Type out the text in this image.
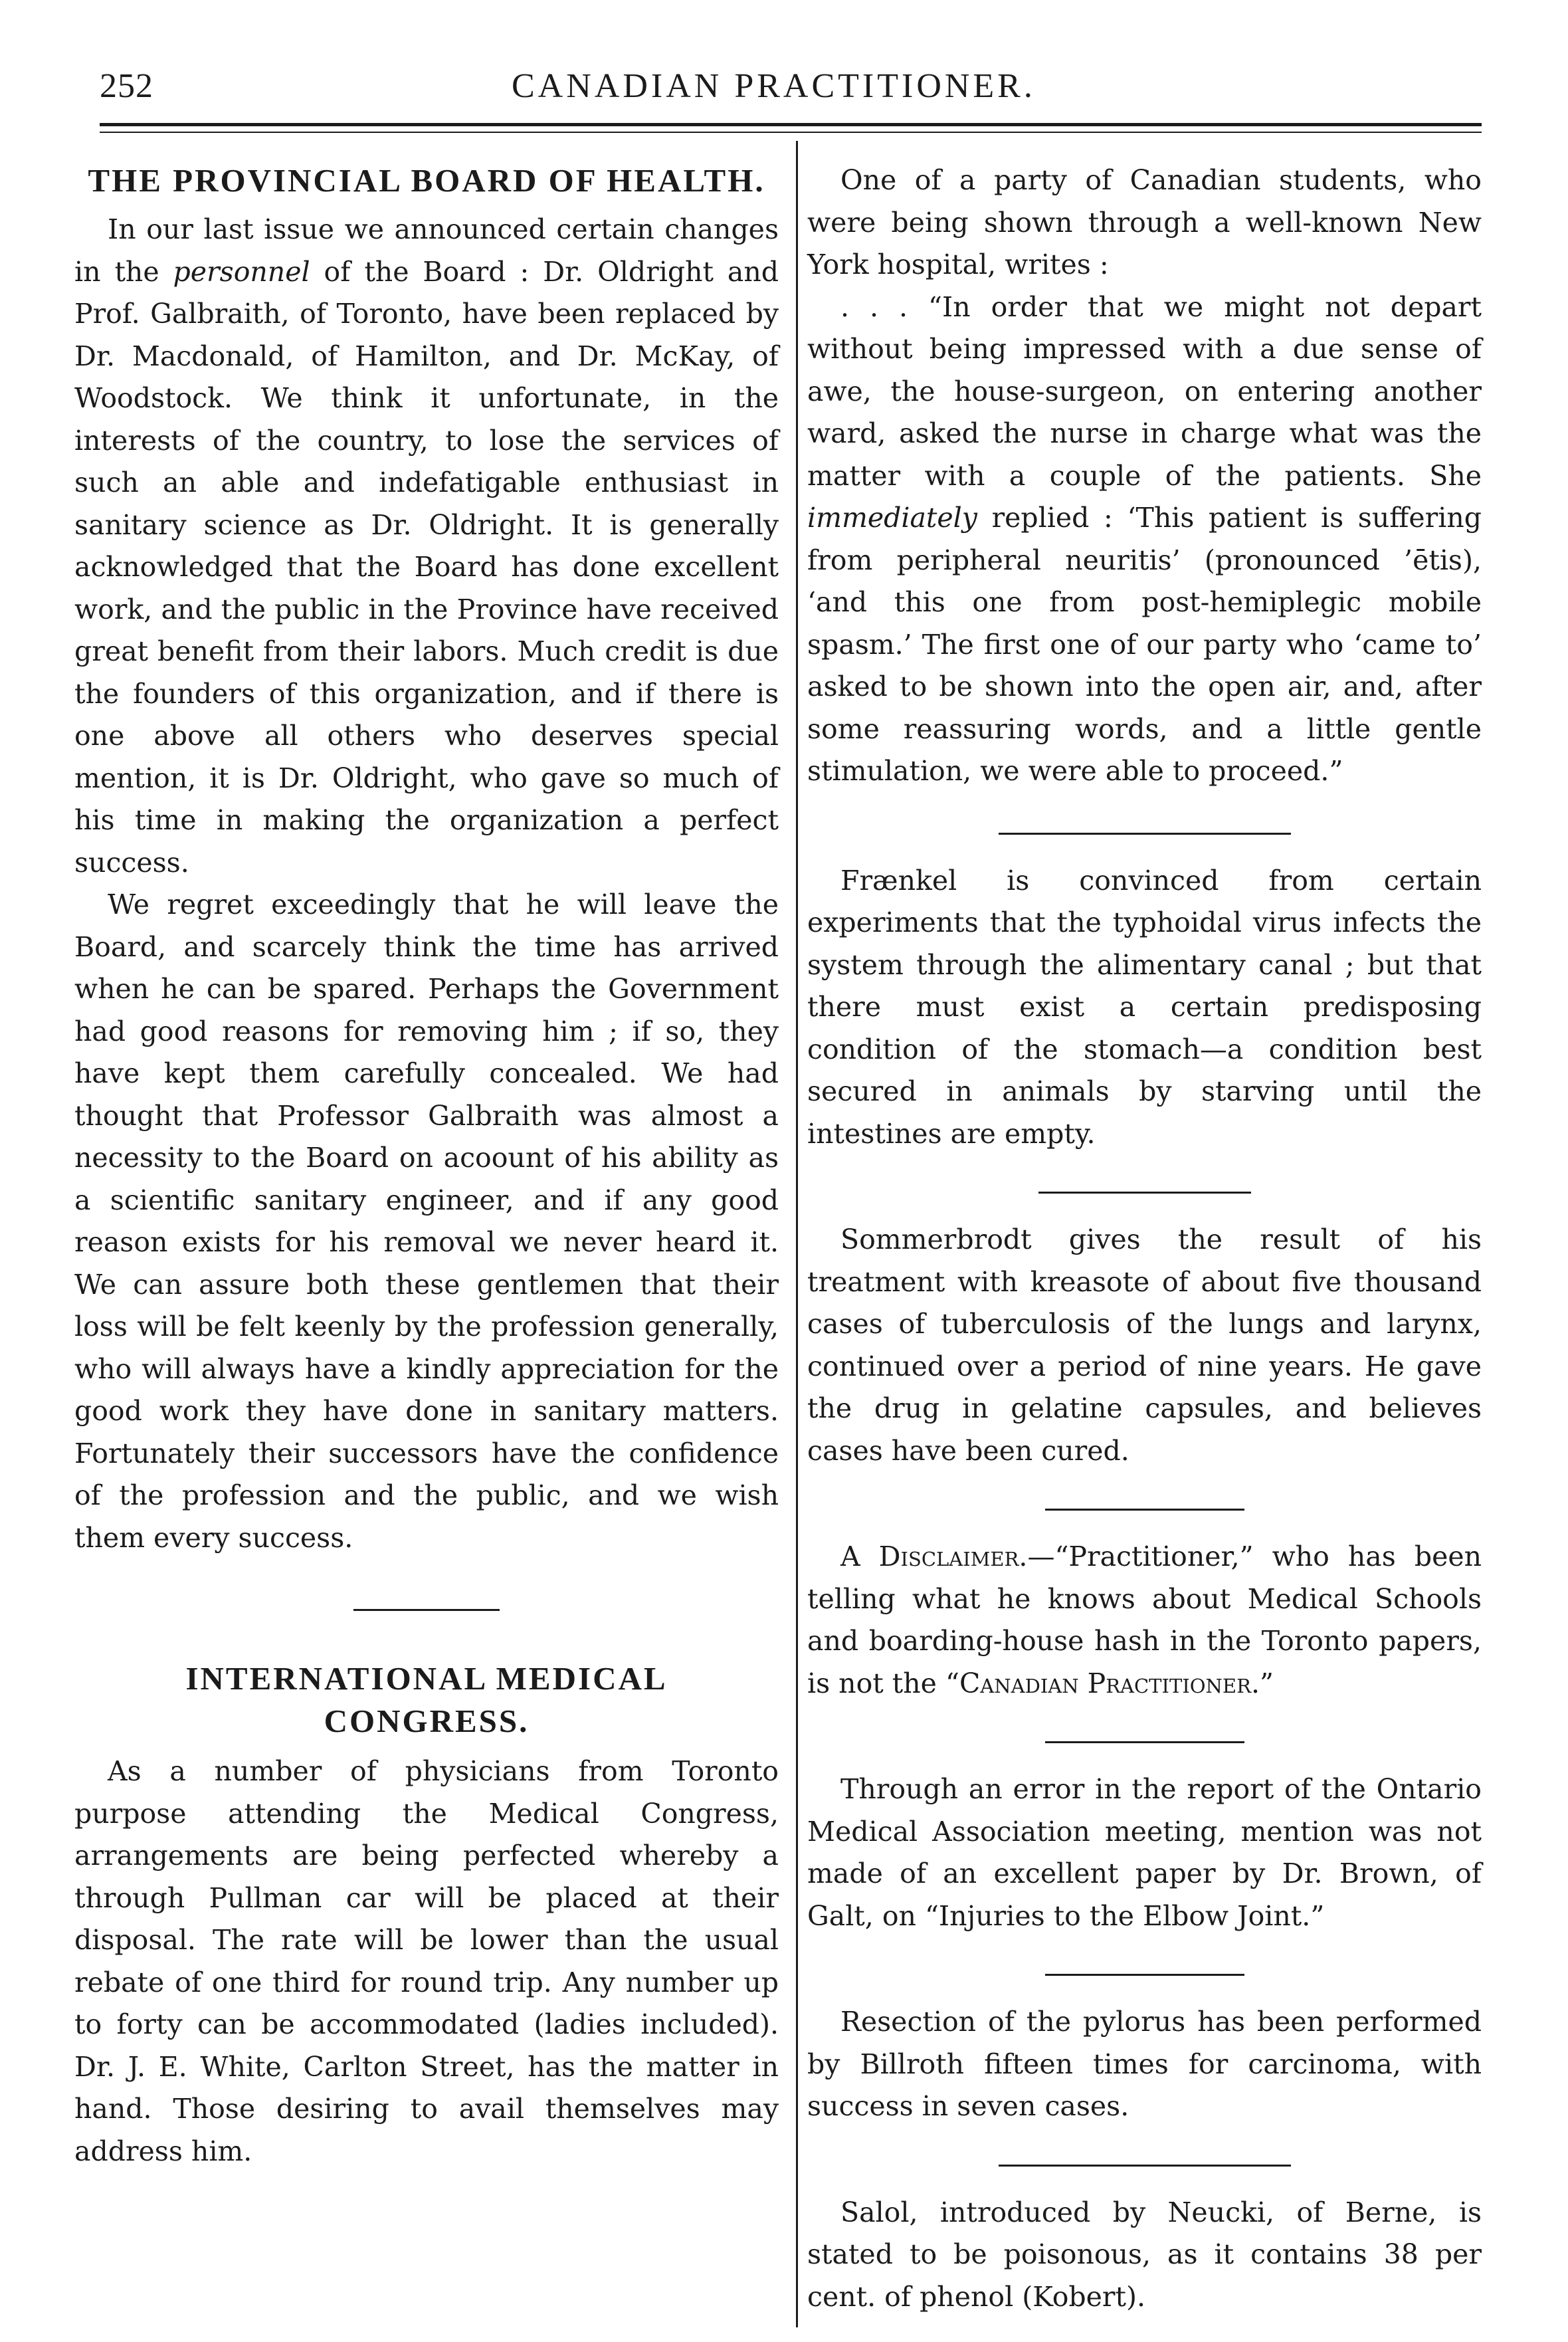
252	CANADIAN PRACTITIONER.
THE PROVINCIAL BOARD OF HEALTH.

In our last issue we announced certain changes in the personnel of the Board : Dr. Oldright and Prof. Galbraith, of Toronto, have been replaced by Dr. Macdonald, of Hamilton, and Dr. McKay, of Woodstock. We think it unfortunate, in the interests of the country, to lose the services of such an able and indefatigable enthusiast in sanitary science as Dr. Oldright. It is generally acknowledged that the Board has done excellent work, and the public in the Province have received great benefit from their labors. Much credit is due the founders of this organization, and if there is one above all others who deserves special mention, it is Dr. Oldright, who gave so much of his time in making the organization a perfect success.

We regret exceedingly that he will leave the Board, and scarcely think the time has arrived when he can be spared. Perhaps the Government had good reasons for removing him ; if so, they have kept them carefully concealed. We had thought that Professor Galbraith was almost a necessity to the Board on acoount of his ability as a scientific sanitary engineer, and if any good reason exists for his removal we never heard it. We can assure both these gentlemen that their loss will be felt keenly by the profession generally, who will always have a kindly appreciation for the good work they have done in sanitary matters. Fortunately their successors have the confidence of the profession and the public, and we wish them every success.

INTERNATIONAL MEDICAL CONGRESS.

As a number of physicians from Toronto purpose attending the Medical Congress, arrangements are being perfected whereby a through Pullman car will be placed at their disposal. The rate will be lower than the usual rebate of one third for round trip. Any number up to forty can be accommodated (ladies included). Dr. J. E. White, Carlton Street, has the matter in hand. Those desiring to avail themselves may address him.

One of a party of Canadian students, who were being shown through a well-known New York hospital, writes :

. . . “In order that we might not depart without being impressed with a due sense of awe, the house-surgeon, on entering another ward, asked the nurse in charge what was the matter with a couple of the patients. She immediately replied : ‘This patient is suffering from peripheral neuritis’ (pronounced ’ētis), ‘and this one from post-hemiplegic mobile spasm.’ The first one of our party who ‘came to’ asked to be shown into the open air, and, after some reassuring words, and a little gentle stimulation, we were able to proceed.”

Frænkel is convinced from certain experiments that the typhoidal virus infects the system through the alimentary canal ; but that there must exist a certain predisposing condition of the stomach—a condition best secured in animals by starving until the intestines are empty.

Sommerbrodt gives the result of his treatment with kreasote of about five thousand cases of tuberculosis of the lungs and larynx, continued over a period of nine years. He gave the drug in gelatine capsules, and believes cases have been cured.

A Disclaimer.—“Practitioner,” who has been telling what he knows about Medical Schools and boarding-house hash in the Toronto papers, is not the “Canadian Practitioner.”

Through an error in the report of the Ontario Medical Association meeting, mention was not made of an excellent paper by Dr. Brown, of Galt, on “Injuries to the Elbow Joint.”

Resection of the pylorus has been performed by Billroth fifteen times for carcinoma, with success in seven cases.

Salol, introduced by Neucki, of Berne, is stated to be poisonous, as it contains 38 per cent. of phenol (Kobert).
